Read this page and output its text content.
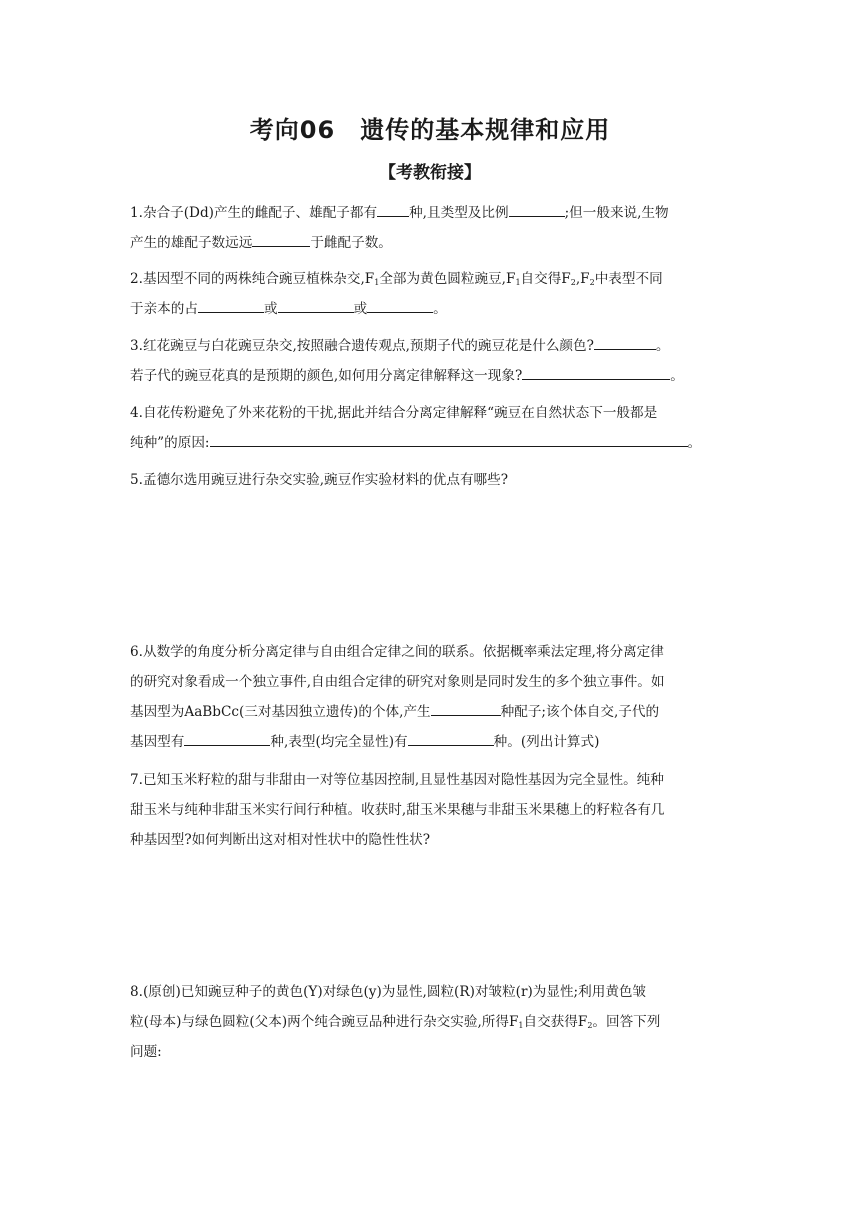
考向06　遗传的基本规律和应用
【考教衔接】
1.杂合子(Dd)产生的雌配子、雄配子都有 种,且类型及比例	;但一般来说,生物
产生的雄配子数远远	于雌配子数。
2.基因型不同的两株纯合豌豆植株杂交$,F_1$全部为黄色圆粒豌豆$,F_1$自交得$F_2,F_2$中表型不同
于亲本的占	或	或	。
3.红花豌豆与白花豌豆杂交,按照融合遗传观点,预期子代的豌豆花是什么颜色?	。
若子代的豌豆花真的是预期的颜色,如何用分离定律解释这一现象?	。
4.自花传粉避免了外来花粉的干扰,据此并结合分离定律解释“豌豆在自然状态下一般都是
纯种”的原因:	。
5.孟德尔选用豌豆进行杂交实验,豌豆作实验材料的优点有哪些?
6.从数学的角度分析分离定律与自由组合定律之间的联系。依据概率乘法定理,将分离定律
的研究对象看成一个独立事件,自由组合定律的研究对象则是同时发生的多个独立事件。如
基因型为AaBbCc(三对基因独立遗传)的个体,产生	种配子;该个体自交,子代的
基因型有	种,表型(均完全显性)有	种。(列出计算式)
7.已知玉米籽粒的甜与非甜由一对等位基因控制,且显性基因对隐性基因为完全显性。纯种
甜玉米与纯种非甜玉米实行间行种植。收获时,甜玉米果穗与非甜玉米果穗上的籽粒各有几
种基因型?如何判断出这对相对性状中的隐性性状?
8.(原创)已知豌豆种子的黄色(Y)对绿色(y)为显性,圆粒(R)对皱粒(r)为显性;利用黄色皱
粒(母本)与绿色圆粒(父本)两个纯合豌豆品种进行杂交实验,所得$F_1$自交获得$F_2$。回答下列
问题:
